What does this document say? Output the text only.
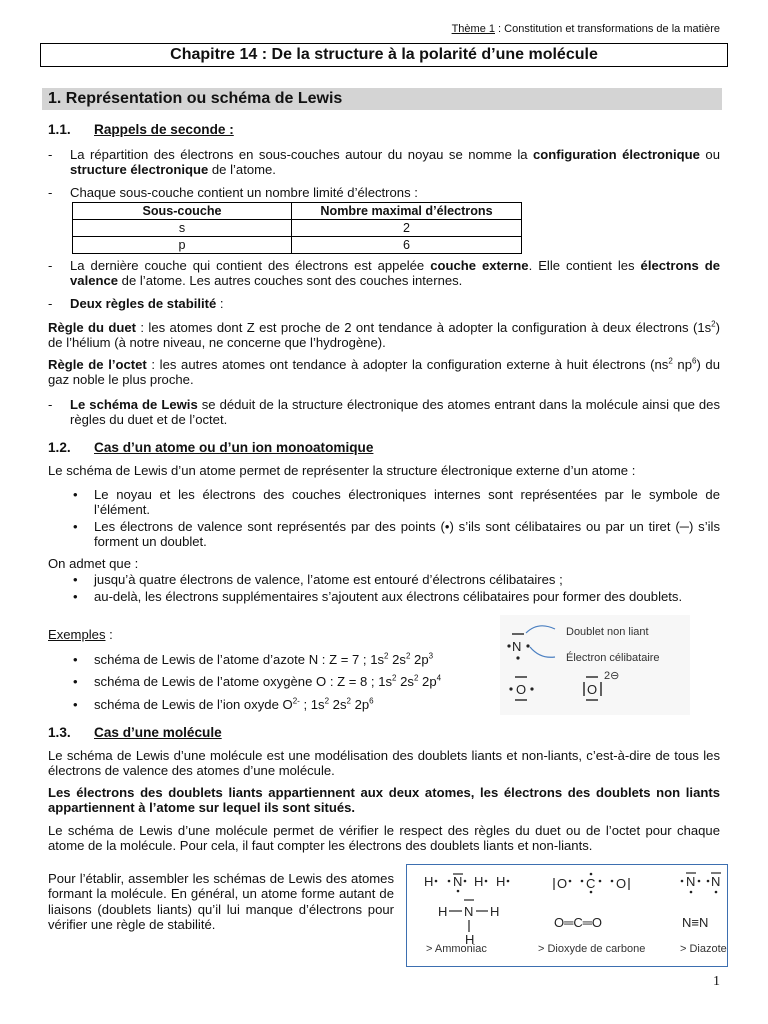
Thème 1 : Constitution et transformations de la matière
Chapitre 14 : De la structure à la polarité d’une molécule
1. Représentation ou schéma de Lewis
1.1. Rappels de seconde :
- La répartition des électrons en sous-couches autour du noyau se nomme la configuration électronique ou structure électronique de l’atome.

- Chaque sous-couche contient un nombre limité d’électrons :

Sous-couche	Nombre maximal d’électrons
s	2
p	6
- La dernière couche qui contient des électrons est appelée couche externe. Elle contient les électrons de valence de l’atome. Les autres couches sont des couches internes.

- Deux règles de stabilité :

Règle du duet : les atomes dont Z est proche de 2 ont tendance à adopter la configuration à deux électrons $(1s^2)$ de l’hélium (à notre niveau, ne concerne que l’hydrogène).

Règle de l’octet : les autres atomes ont tendance à adopter la configuration externe à huit électrons ($ns^2$ $np^6$) du gaz noble le plus proche.

- Le schéma de Lewis se déduit de la structure électronique des atomes entrant dans la molécule ainsi que des règles du duet et de l’octet.

1.2. Cas d’un atome ou d’un ion monoatomique

Le schéma de Lewis d’un atome permet de représenter la structure électronique externe d’un atome :

• Le noyau et les électrons des couches électroniques internes sont représentées par le symbole de l’élément.

• Les électrons de valence sont représentés par des points (•) s’ils sont célibataires ou par un tiret (─) s’ils forment un doublet.

On admet que :

• jusqu’à quatre électrons de valence, l’atome est entouré d’électrons célibataires ;

• au-delà, les électrons supplémentaires s’ajoutent aux électrons célibataires pour former des doublets.

Exemples :

• schéma de Lewis de l’atome d’azote N : Z = 7 ; $1s^2$ $2s^2$ $2p^3$

• schéma de Lewis de l’atome oxygène O : Z = 8 ; $1s^2$ $2s^2$ $2p^4$

• schéma de Lewis de l’ion oxyde $O^{2-}$ ; $1s^2$ $2s^2$ $2p^6$

N
Doublet non liant
Électron célibataire
O	O
2⊖
1.3. Cas d’une molécule

Le schéma de Lewis d’une molécule est une modélisation des doublets liants et non-liants, c’est-à-dire de tous les électrons de valence des atomes d’une molécule.

Les électrons des doublets liants appartiennent aux deux atomes, les électrons des doublets non liants appartiennent à l’atome sur lequel ils sont situés.

Le schéma de Lewis d’une molécule permet de vérifier le respect des règles du duet ou de l’octet pour chaque atome de la molécule. Pour cela, il faut compter les électrons des doublets liants et non-liants.

Pour l’établir, assembler les schémas de Lewis des atomes formant la molécule. En général, un atome forme autant de liaisons (doublets liants) qu’il lui manque d’électrons pour vérifier une règle de stabilité.

H N H H
H N H
H
> Ammoniac
O C O
O═C═O
> Dioxyde de carbone
N N
N≡N
> Diazote
1
